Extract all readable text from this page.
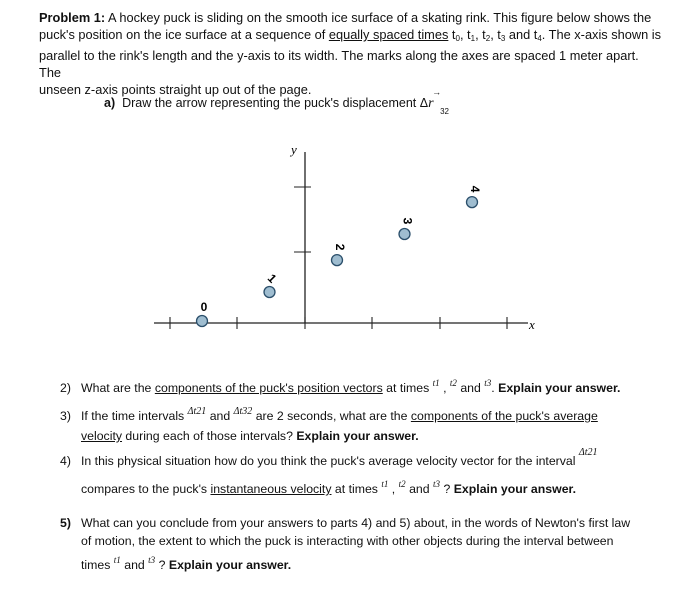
Problem 1: A hockey puck is sliding on the smooth ice surface of a skating rink. This figure below shows the
puck's position on the ice surface at a sequence of equally spaced times $t_0$, $t_1$, $t_2$, $t_3$ and $t_4$. The x-axis shown is
parallel to the rink's length and the y-axis to its width. The marks along the axes are spaced 1 meter apart. The
unseen z-axis points straight up out of the page.
a) Draw the arrow representing the puck's displacement Δ
→
r
32
x
y
0
1
2
3
4
2) What are the components of the puck's position vectors at times $^{t1}$ , $^{t2}$ and $^{t3}$. Explain your answer.
3) If the time intervals $^{\Delta t21}$ and $^{\Delta t32}$ are 2 seconds, what are the components of the puck's average
velocity during each of those intervals? Explain your answer.
4) In this physical situation how do you think the puck's average velocity vector for the interval $^{\Delta t21}$
compares to the puck's instantaneous velocity at times $^{t1}$ , $^{t2}$ and $^{t3}$ ? Explain your answer.
5) What can you conclude from your answers to parts 4) and 5) about, in the words of Newton's first law
of motion, the extent to which the puck is interacting with other objects during the interval between
times $^{t1}$ and $^{t3}$ ? Explain your answer.
